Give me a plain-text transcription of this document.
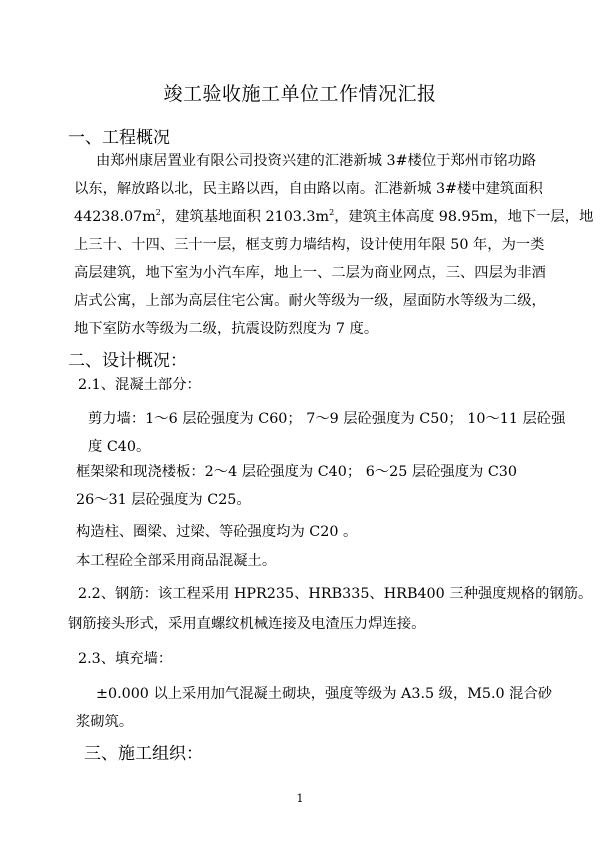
竣工验收施工单位工作情况汇报
一、工程概况
由郑州康居置业有限公司投资兴建的汇港新城 3#楼位于郑州市铭功路
以东，解放路以北，民主路以西，自由路以南。汇港新城 3#楼中建筑面积
$44238.07m^2$，建筑基地面积 $2103.3m^2$，建筑主体高度 98.95m，地下一层，地
上三十、十四、三十一层，框支剪力墙结构，设计使用年限 50 年，为一类
高层建筑，地下室为小汽车库，地上一、二层为商业网点，三、四层为非酒
店式公寓，上部为高层住宅公寓。耐火等级为一级，屋面防水等级为二级，
地下室防水等级为二级，抗震设防烈度为 7 度。
二、设计概况：
2.1、混凝土部分：
剪力墙：1～6 层砼强度为 C60； 7～9 层砼强度为 C50； 10～11 层砼强
度 C40。
框架梁和现浇楼板：2～4 层砼强度为 C40； 6～25 层砼强度为 C30
26～31 层砼强度为 C25。
构造柱、圈梁、过梁、等砼强度均为 C20 。
本工程砼全部采用商品混凝土。
2.2、钢筋：该工程采用 HPR235、HRB335、HRB400 三种强度规格的钢筋。
钢筋接头形式，采用直螺纹机械连接及电渣压力焊连接。
2.3、填充墙：
±0.000 以上采用加气混凝土砌块，强度等级为 A3.5 级，M5.0 混合砂
浆砌筑。
三、施工组织：
1
